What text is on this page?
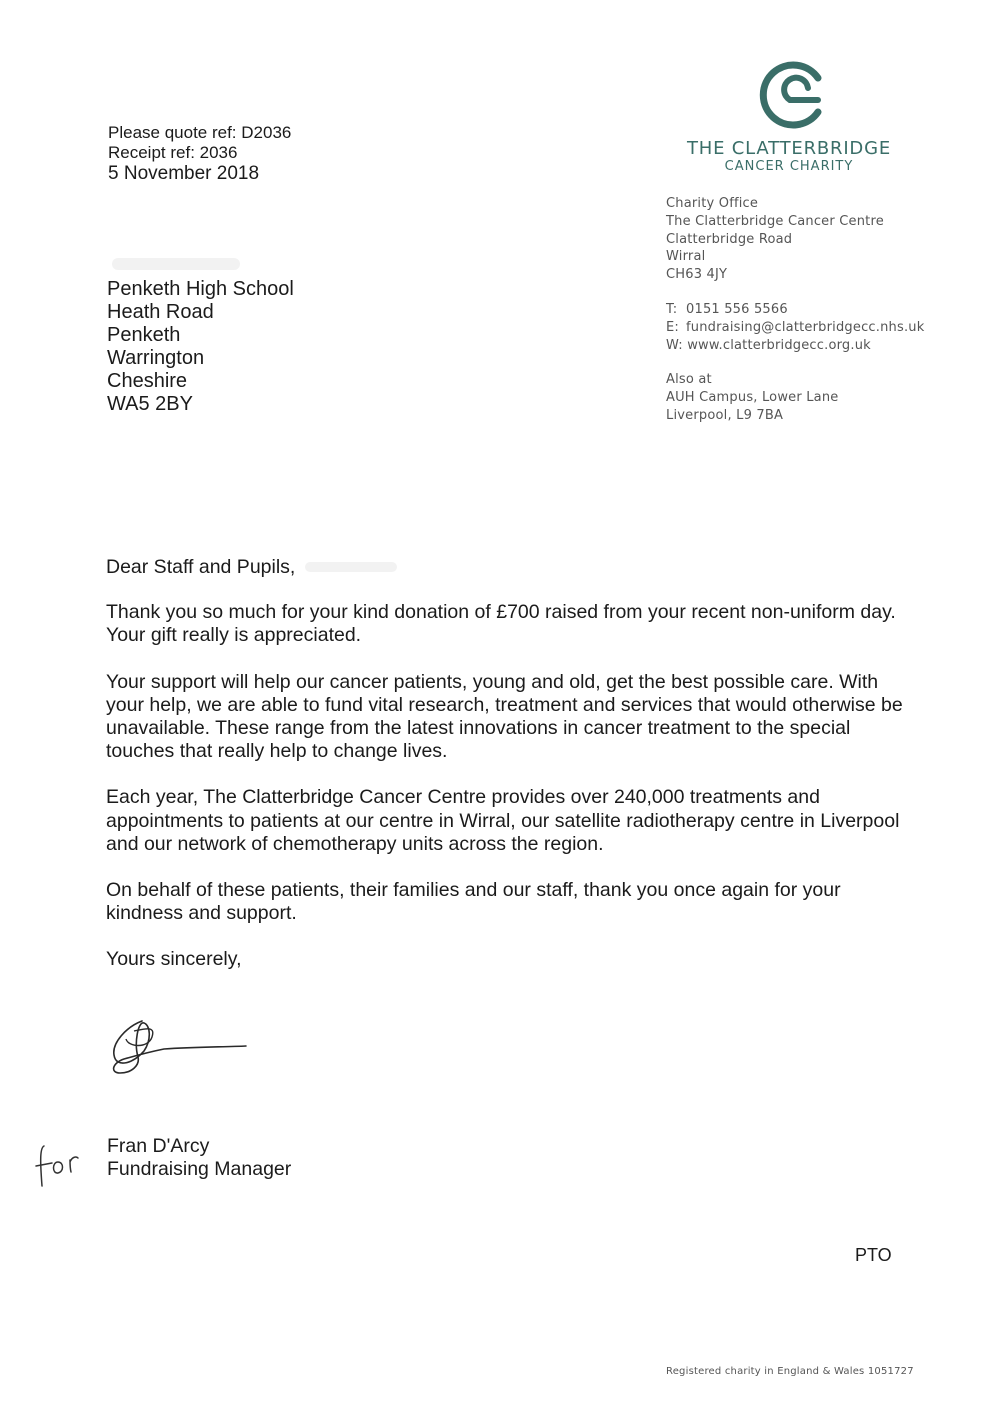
Please quote ref: D2036
Receipt ref: 2036
5 November 2018
THE CLATTERBRIDGE
CANCER CHARITY
Charity Office
The Clatterbridge Cancer Centre
Clatterbridge Road
Wirral
CH63 4JY
T: 0151 556 5566
E: fundraising@clatterbridgecc.nhs.uk
W: www.clatterbridgecc.org.uk
Also at
AUH Campus, Lower Lane
Liverpool, L9 7BA
Penketh High School
Heath Road
Penketh
Warrington
Cheshire
WA5 2BY

Dear Staff and Pupils,

Thank you so much for your kind donation of £700 raised from your recent non-uniform day. Your gift really is appreciated.

Your support will help our cancer patients, young and old, get the best possible care. With your help, we are able to fund vital research, treatment and services that would otherwise be unavailable. These range from the latest innovations in cancer treatment to the special touches that really help to change lives.

Each year, The Clatterbridge Cancer Centre provides over 240,000 treatments and appointments to patients at our centre in Wirral, our satellite radiotherapy centre in Liverpool and our network of chemotherapy units across the region.

On behalf of these patients, their families and our staff, thank you once again for your kindness and support.

Yours sincerely,

Fran D'Arcy
Fundraising Manager
PTO
Registered charity in England & Wales 1051727
